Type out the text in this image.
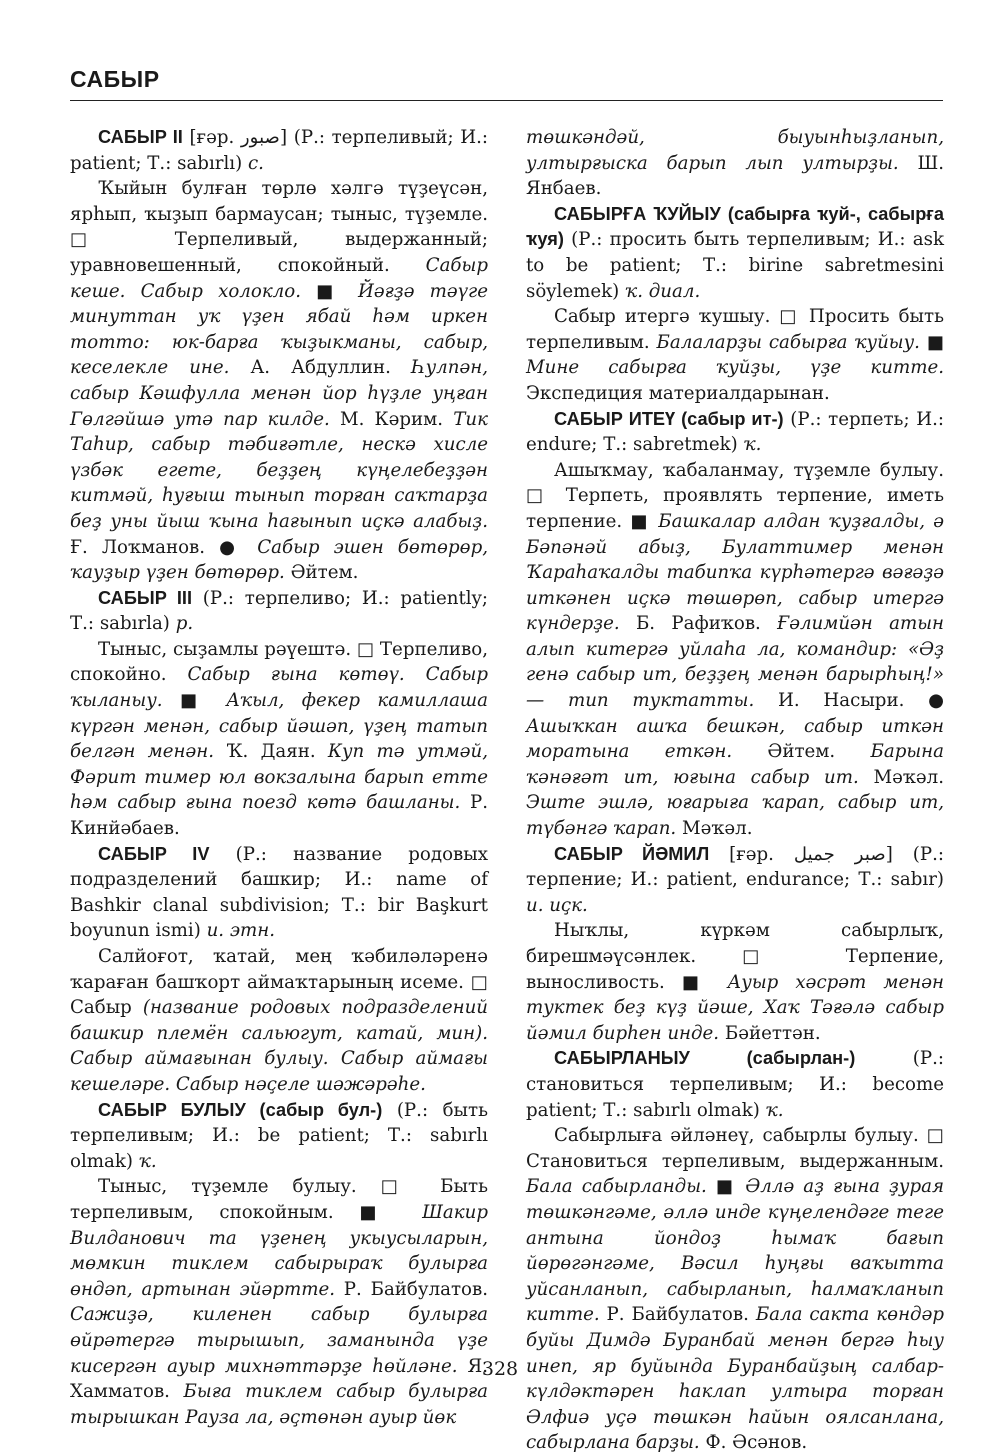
САБЫР

САБЫР II [ғәр. صبور] (Р.: терпеливый; И.: patient; Т.: sabırlı) с.

Ҡыйын булған төрлө хәлгә түҙеүсән, ярһып, ҡыҙып бармаусан; тыныс, түҙемле. □ Терпеливый, выдержанный; уравновешенный, спокойный. Сабыр кеше. Сабыр холокло. ■ Йәғҙә тәүге минуттан уҡ үҙен ябай һәм иркен тотто: юк-барға ҡыҙыкманы, сабыр, кеселекле ине. А. Абдуллин. Һулпән, сабыр Кәшфулла менән йор һүҙле уңған Гөлгәйшә утә пар килде. М. Кәрим. Тик Таһир, сабыр тәбиғәтле, нескә хисле үзбәк егете, беҙҙең күңелебеҙҙән китмәй, һуғыш тынып торған саҡтарҙа беҙ уны йыш ҡына һағынып иҫкә алабыҙ. Ғ. Лоҡманов. ● Сабыр эшен бөтөрөр, ҡауҙыр үҙен бөтөрөр. Әйтем.

САБЫР III (Р.: терпеливо; И.: patiently; Т.: sabırla) р.

Тыныс, сыҙамлы рәүештә. □ Терпеливо, спокойно. Сабыр ғына көтөү. Сабыр ҡыланыу. ■ Аҡыл, фекер камиллаша күргән менән, сабыр йәшәп, үҙең татып белгән менән. Ҡ. Даян. Куп тә утмәй, Фәрит тимер юл вокзалына барып етте һәм сабыр ғына поезд көтә башланы. Р. Кинйәбаев.

САБЫР IV (Р.: название родовых подразделений башкир; И.: name of Bashkir clanal subdivision; Т.: bir Başkurt boyunun ismi) и. этн.

Салйоғот, ҡатай, мең ҡәбиләләренә ҡараған башҡорт аймаҡтарының исеме. □ Сабыр (название родовых подразделений башкир племён сальюгут, катай, мин). Сабыр аймағынан булыу. Сабыр аймағы кешеләре. Сабыр нәҫеле шәжәрәһе.

САБЫР БУЛЫУ (сабыр бул-) (Р.: быть терпеливым; И.: be patient; Т.: sabırlı olmak) ҡ.

Тыныс, түҙемле булыу. □ Быть терпеливым, спокойным. ■ Шакир Вилданович та үҙенең укыусыларын, мөмкин тиклем сабырыраҡ булырға өндәп, артынан эйәртте. Р. Байбулатов. Сажиҙә, киленен сабыр булырға өйрәтергә тырышып, заманында үҙе кисергән ауыр михнәттәрҙе һөйләне. Я. Хамматов. Быға тиклем сабыр булырға тырышкан Рауза ла, әҫтөнән ауыр йөк

төшкәндәй, быуынһыҙланып, ултырғыска барып лып ултырҙы. Ш. Янбаев.

САБЫРҒА ҠУЙЫУ (сабырға ҡуй-, сабырға ҡуя) (Р.: просить быть терпеливым; И.: ask to be patient; Т.: birine sabretmesini söylemek) ҡ. диал.

Сабыр итергә ҡушыу. □ Просить быть терпеливым. Балаларҙы сабырға ҡуйыу. ■ Мине сабырға ҡуйҙы, үҙе китте. Экспедиция материалдарынан.

САБЫР ИТЕҮ (сабыр ит-) (Р.: терпеть; И.: endure; Т.: sabretmek) ҡ.

Ашыҡмау, ҡабаланмау, түҙемле булыу. □ Терпеть, проявлять терпение, иметь терпение. ■ Башкалар алдан ҡуҙғалды, ә Бәпәнәй абыҙ, Булаттимер менән Ҡараһаҡалды табипҡа күрһәтергә вәғәҙә иткәнен иҫкә төшөрөп, сабыр итергә күндерҙе. Б. Рафиҡов. Ғәлимйән атын алып китергә уйлаһа ла, командир: «Әҙ генә сабыр ит, беҙҙең менән барырһың!» — тип туктатты. И. Насыри. ● Ашыҡкан ашҡа бешкән, сабыр иткән моратына еткән. Әйтем. Барына ҡәнәғәт ит, юғына сабыр ит. Мәҡәл. Эште эшлә, юғарыға ҡарап, сабыр ит, түбәнгә ҡарап. Мәҡәл.

САБЫР ЙӘМИЛ [ғәр. صبر جميل] (Р.: терпение; И.: patient, endurance; Т.: sabır) и. иҫк.

Ныҡлы, күркәм сабырлыҡ, бирешмәүсәнлек. □ Терпение, выносливость. ■ Ауыр хәсрәт менән туктек беҙ күҙ йәше, Хаҡ Тәғәлә сабыр йәмил бирһен инде. Бәйеттән.

САБЫРЛАНЫУ (сабырлан-) (Р.: становиться терпеливым; И.: become patient; Т.: sabırlı olmak) ҡ.

Сабырлыға әйләнеү, сабырлы булыу. □ Становиться терпеливым, выдержанным. Бала сабырланды. ■ Әллә аҙ ғына ҙурая төшкәнгәме, әллә инде күңелендәге теге антына йондоҙ һымаҡ бағып йөрөгәнгәме, Вәсил һуңғы ваҡытта уйсанланып, сабырланып, һалмаҡланып китте. Р. Байбулатов. Бала сакта көндәр буйы Димдә Буранбай менән бергә һыу инеп, яр буйында Буранбайҙың салбар-күлдәктәрен һаклап ултыра торған Әлфиә уҫә төшкән һайын оялсанлана, сабырлана барҙы. Ф. Әсәнов.

328
